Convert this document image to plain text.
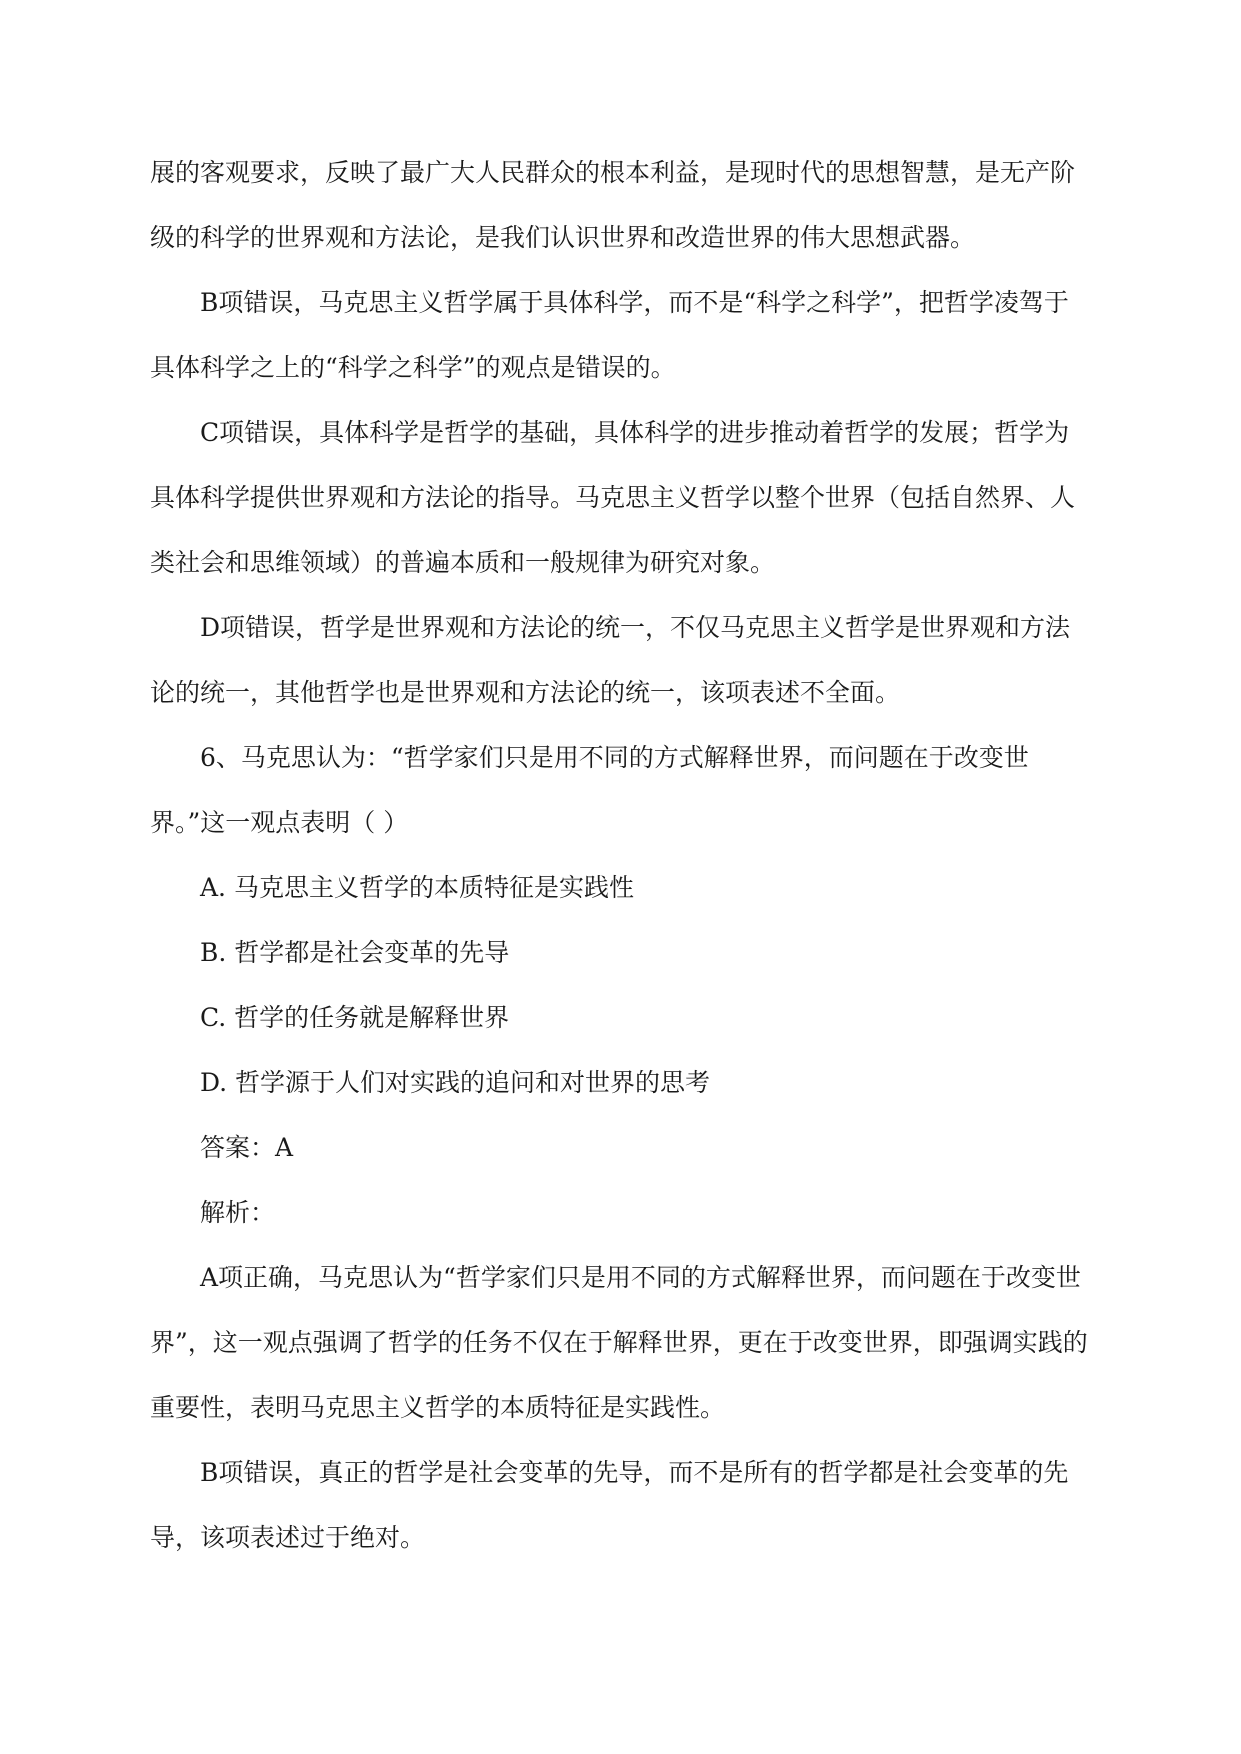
展的客观要求，反映了最广大人民群众的根本利益，是现时代的思想智慧，是无产阶级的科学的世界观和方法论，是我们认识世界和改造世界的伟大思想武器。

B项错误，马克思主义哲学属于具体科学，而不是“科学之科学”，把哲学凌驾于具体科学之上的“科学之科学”的观点是错误的。

C项错误，具体科学是哲学的基础，具体科学的进步推动着哲学的发展；哲学为具体科学提供世界观和方法论的指导。马克思主义哲学以整个世界（包括自然界、人类社会和思维领域）的普遍本质和一般规律为研究对象。

D项错误，哲学是世界观和方法论的统一，不仅马克思主义哲学是世界观和方法论的统一，其他哲学也是世界观和方法论的统一，该项表述不全面。

6、马克思认为：“哲学家们只是用不同的方式解释世界，而问题在于改变世界。”这一观点表明（ ）

A. 马克思主义哲学的本质特征是实践性

B. 哲学都是社会变革的先导

C. 哲学的任务就是解释世界

D. 哲学源于人们对实践的追问和对世界的思考

答案：A

解析：

A项正确，马克思认为“哲学家们只是用不同的方式解释世界，而问题在于改变世界”，这一观点强调了哲学的任务不仅在于解释世界，更在于改变世界，即强调实践的重要性，表明马克思主义哲学的本质特征是实践性。

B项错误，真正的哲学是社会变革的先导，而不是所有的哲学都是社会变革的先导，该项表述过于绝对。
